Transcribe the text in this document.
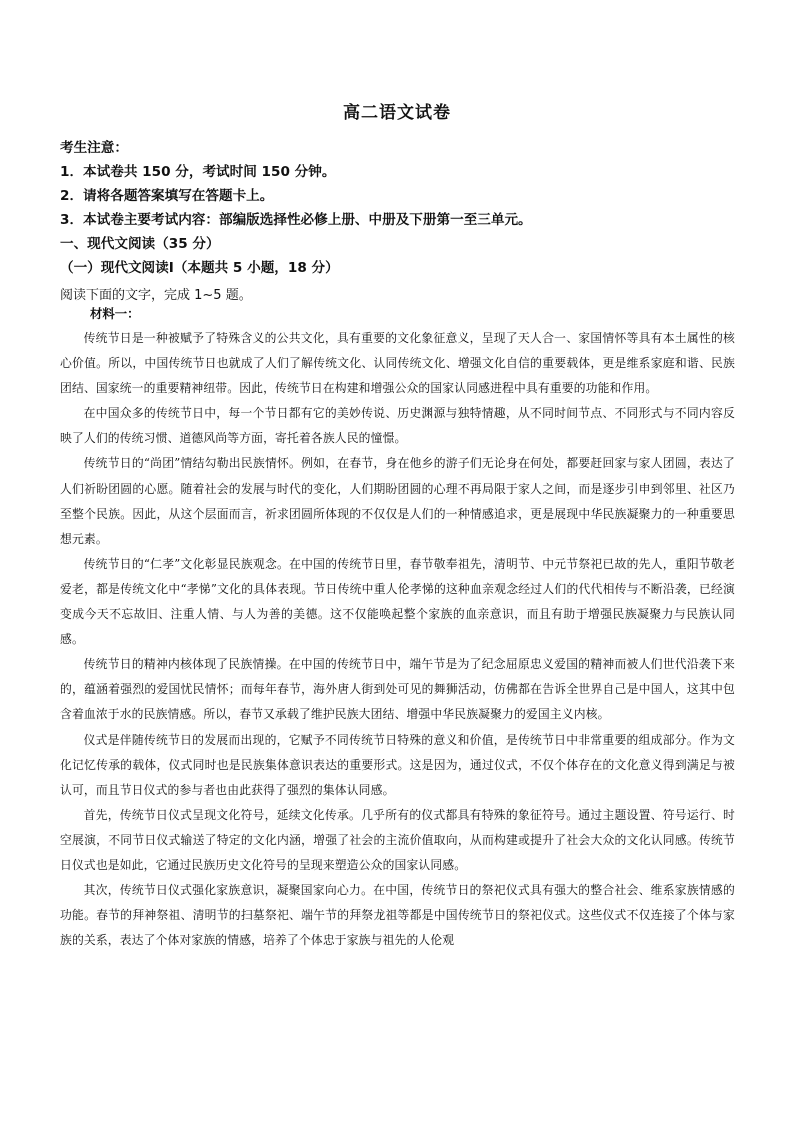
高二语文试卷
考生注意：
1．本试卷共 150 分，考试时间 150 分钟。
2．请将各题答案填写在答题卡上。
3．本试卷主要考试内容：部编版选择性必修上册、中册及下册第一至三单元。
一、现代文阅读（35 分）
（一）现代文阅读Ⅰ（本题共 5 小题，18 分）
阅读下面的文字，完成 1~5 题。
材料一：

传统节日是一种被赋予了特殊含义的公共文化，具有重要的文化象征意义，呈现了天人合一、家国情怀等具有本土属性的核心价值。所以，中国传统节日也就成了人们了解传统文化、认同传统文化、增强文化自信的重要载体，更是维系家庭和谐、民族团结、国家统一的重要精神纽带。因此，传统节日在构建和增强公众的国家认同感进程中具有重要的功能和作用。

在中国众多的传统节日中，每一个节日都有它的美妙传说、历史渊源与独特情趣，从不同时间节点、不同形式与不同内容反映了人们的传统习惯、道德风尚等方面，寄托着各族人民的憧憬。

传统节日的“尚团”情结勾勒出民族情怀。例如，在春节，身在他乡的游子们无论身在何处，都要赶回家与家人团圆，表达了人们祈盼团圆的心愿。随着社会的发展与时代的变化，人们期盼团圆的心理不再局限于家人之间，而是逐步引申到邻里、社区乃至整个民族。因此，从这个层面而言，祈求团圆所体现的不仅仅是人们的一种情感追求，更是展现中华民族凝聚力的一种重要思想元素。

传统节日的“仁孝”文化彰显民族观念。在中国的传统节日里，春节敬奉祖先，清明节、中元节祭祀已故的先人，重阳节敬老爱老，都是传统文化中“孝悌”文化的具体表现。节日传统中重人伦孝悌的这种血亲观念经过人们的代代相传与不断沿袭，已经演变成今天不忘故旧、注重人情、与人为善的美德。这不仅能唤起整个家族的血亲意识，而且有助于增强民族凝聚力与民族认同感。

传统节日的精神内核体现了民族情操。在中国的传统节日中，端午节是为了纪念屈原忠义爱国的精神而被人们世代沿袭下来的，蕴涵着强烈的爱国忧民情怀；而每年春节，海外唐人街到处可见的舞狮活动，仿佛都在告诉全世界自己是中国人，这其中包含着血浓于水的民族情感。所以，春节又承载了维护民族大团结、增强中华民族凝聚力的爱国主义内核。

仪式是伴随传统节日的发展而出现的，它赋予不同传统节日特殊的意义和价值，是传统节日中非常重要的组成部分。作为文化记忆传承的载体，仪式同时也是民族集体意识表达的重要形式。这是因为，通过仪式，不仅个体存在的文化意义得到满足与被认可，而且节日仪式的参与者也由此获得了强烈的集体认同感。

首先，传统节日仪式呈现文化符号，延续文化传承。几乎所有的仪式都具有特殊的象征符号。通过主题设置、符号运行、时空展演，不同节日仪式输送了特定的文化内涵，增强了社会的主流价值取向，从而构建或提升了社会大众的文化认同感。传统节日仪式也是如此，它通过民族历史文化符号的呈现来塑造公众的国家认同感。

其次，传统节日仪式强化家族意识，凝聚国家向心力。在中国，传统节日的祭祀仪式具有强大的整合社会、维系家族情感的功能。春节的拜神祭祖、清明节的扫墓祭祀、端午节的拜祭龙祖等都是中国传统节日的祭祀仪式。这些仪式不仅连接了个体与家族的关系，表达了个体对家族的情感，培养了个体忠于家族与祖先的人伦观
